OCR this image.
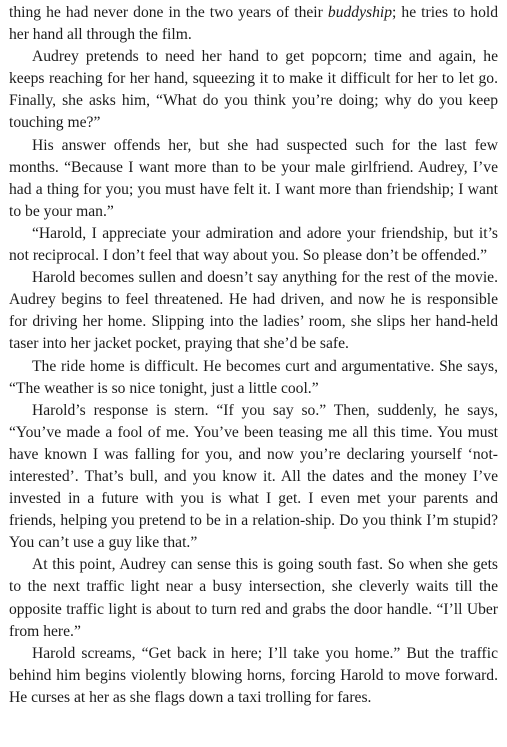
thing he had never done in the two years of their buddyship; he tries to hold her hand all through the film.

Audrey pretends to need her hand to get popcorn; time and again, he keeps reaching for her hand, squeezing it to make it difficult for her to let go. Finally, she asks him, “What do you think you’re doing; why do you keep touching me?”

His answer offends her, but she had suspected such for the last few months. “Because I want more than to be your male girlfriend. Audrey, I’ve had a thing for you; you must have felt it. I want more than friendship; I want to be your man.”

“Harold, I appreciate your admiration and adore your friendship, but it’s not reciprocal. I don’t feel that way about you. So please don’t be offended.”

Harold becomes sullen and doesn’t say anything for the rest of the movie. Audrey begins to feel threatened. He had driven, and now he is responsible for driving her home. Slipping into the ladies’ room, she slips her hand-held taser into her jacket pocket, praying that she’d be safe.

The ride home is difficult. He becomes curt and argumentative. She says, “The weather is so nice tonight, just a little cool.”

Harold’s response is stern. “If you say so.” Then, suddenly, he says, “You’ve made a fool of me. You’ve been teasing me all this time. You must have known I was falling for you, and now you’re declaring yourself ‘not-interested’. That’s bull, and you know it. All the dates and the money I’ve invested in a future with you is what I get. I even met your parents and friends, helping you pretend to be in a relation-ship. Do you think I’m stupid? You can’t use a guy like that.”

At this point, Audrey can sense this is going south fast. So when she gets to the next traffic light near a busy intersection, she cleverly waits till the opposite traffic light is about to turn red and grabs the door handle. “I’ll Uber from here.”

Harold screams, “Get back in here; I’ll take you home.” But the traffic behind him begins violently blowing horns, forcing Harold to move forward. He curses at her as she flags down a taxi trolling for fares.
